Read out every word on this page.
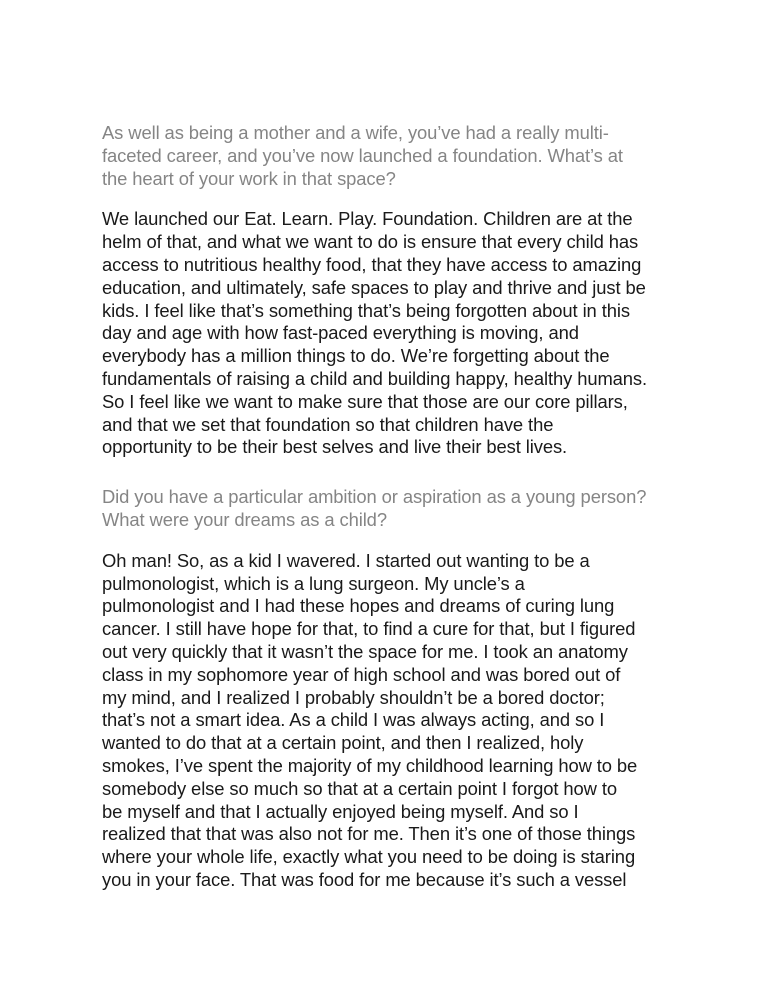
As well as being a mother and a wife, you’ve had a really multi-
faceted career, and you’ve now launched a foundation. What’s at
the heart of your work in that space?
We launched our Eat. Learn. Play. Foundation. Children are at the
helm of that, and what we want to do is ensure that every child has
access to nutritious healthy food, that they have access to amazing
education, and ultimately, safe spaces to play and thrive and just be
kids. I feel like that’s something that’s being forgotten about in this
day and age with how fast-paced everything is moving, and
everybody has a million things to do. We’re forgetting about the
fundamentals of raising a child and building happy, healthy humans.
So I feel like we want to make sure that those are our core pillars,
and that we set that foundation so that children have the
opportunity to be their best selves and live their best lives.
Did you have a particular ambition or aspiration as a young person?
What were your dreams as a child?
Oh man! So, as a kid I wavered. I started out wanting to be a
pulmonologist, which is a lung surgeon. My uncle’s a
pulmonologist and I had these hopes and dreams of curing lung
cancer. I still have hope for that, to find a cure for that, but I figured
out very quickly that it wasn’t the space for me. I took an anatomy
class in my sophomore year of high school and was bored out of
my mind, and I realized I probably shouldn’t be a bored doctor;
that’s not a smart idea. As a child I was always acting, and so I
wanted to do that at a certain point, and then I realized, holy
smokes, I’ve spent the majority of my childhood learning how to be
somebody else so much so that at a certain point I forgot how to
be myself and that I actually enjoyed being myself. And so I
realized that that was also not for me. Then it’s one of those things
where your whole life, exactly what you need to be doing is staring
you in your face. That was food for me because it’s such a vessel
